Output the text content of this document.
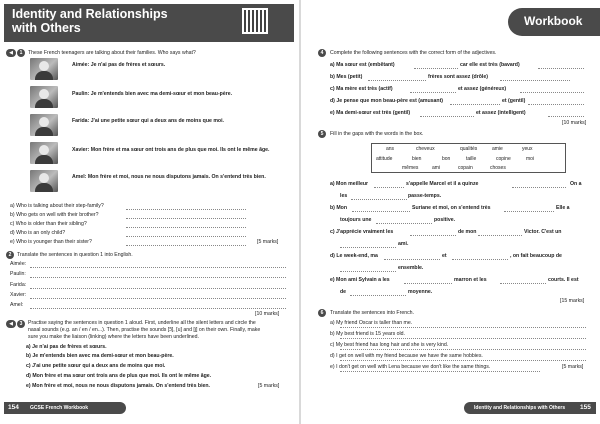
Identity and Relationships
with Others
◀	1	These French teenagers are talking about their families. Who says what?
Aimée: Je n'ai pas de frères et sœurs.
Paulin: Je m'entends bien avec ma demi-sœur et mon beau-père.
Farida: J'ai une petite sœur qui a deux ans de moins que moi.
Xavier: Mon frère et ma sœur ont trois ans de plus que moi. Ils ont le même âge.
Amel: Mon frère et moi, nous ne nous disputons jamais. On s'entend très bien.
a) Who is talking about their step-family?
b) Who gets on well with their brother?
c) Who is older than their sibling?
d) Who is an only child?
e) Who is younger than their sister?	[5 marks]
2	Translate the sentences in question 1 into English.
Aimée:
Paulin:
Farida:
Xavier:
Amel:
[10 marks]
◀	3	Practise saying the sentences in question 1 aloud. First, underline all the silent letters and circle the
nasal sounds (e.g. an / en / en...). Then, practise the sounds [ɔ̃], [u] and [j] on their own. Finally, make
sure you make the liaison (linking) where the letters have been underlined.
a) Je n'ai pas de frères et sœurs.
b) Je m'entends bien avec ma demi-sœur et mon beau-père.
c) J'ai une petite sœur qui a deux ans de moins que moi.
d) Mon frère et ma sœur ont trois ans de plus que moi. Ils ont le même âge.
e) Mon frère et moi, nous ne nous disputons jamais. On s'entend très bien.	[5 marks]
154 GCSE French Workbook
Workbook
4	Complete the following sentences with the correct form of the adjectives.
a) Ma sœur est (embêtant)	car elle est très (bavard)
b) Mes (petit)	frères sont assez (drôle)
c) Ma mère est très (actif)	et assez (généreux)
d) Je pense que mon beau-père est (amusant)	et (gentil)
e) Ma demi-sœur est très (gentil)	et assez (intelligent)
[10 marks]
5	Fill in the gaps with the words in the box.
ans	cheveux	qualités	amie	yeux
attitude	bien	bon	taille	copine	moi
mêmes	ami	copain	choses
a) Mon meilleur	s'appelle Marcel et il a quinze	On a
les	passe-temps.
b) Mon	Suriane et moi, on s'entend très	Elle a
toujours une	positive.
c) J'apprécie vraiment les	de mon	Victor. C'est un
ami.
d) Le week-end, ma	et	, on fait beaucoup de
ensemble.
e) Mon ami Sylvain a les	marron et les	courts. Il est
de	moyenne.
[15 marks]
6	Translate the sentences into French.
a) My friend Oscar is taller than me.
b) My best friend is 15 years old.
c) My best friend has long hair and she is very kind.
d) I get on well with my friend because we have the same hobbies.
e) I don't get on well with Lena because we don't like the same things.	[5 marks]
Identity and Relationships with Others 155
